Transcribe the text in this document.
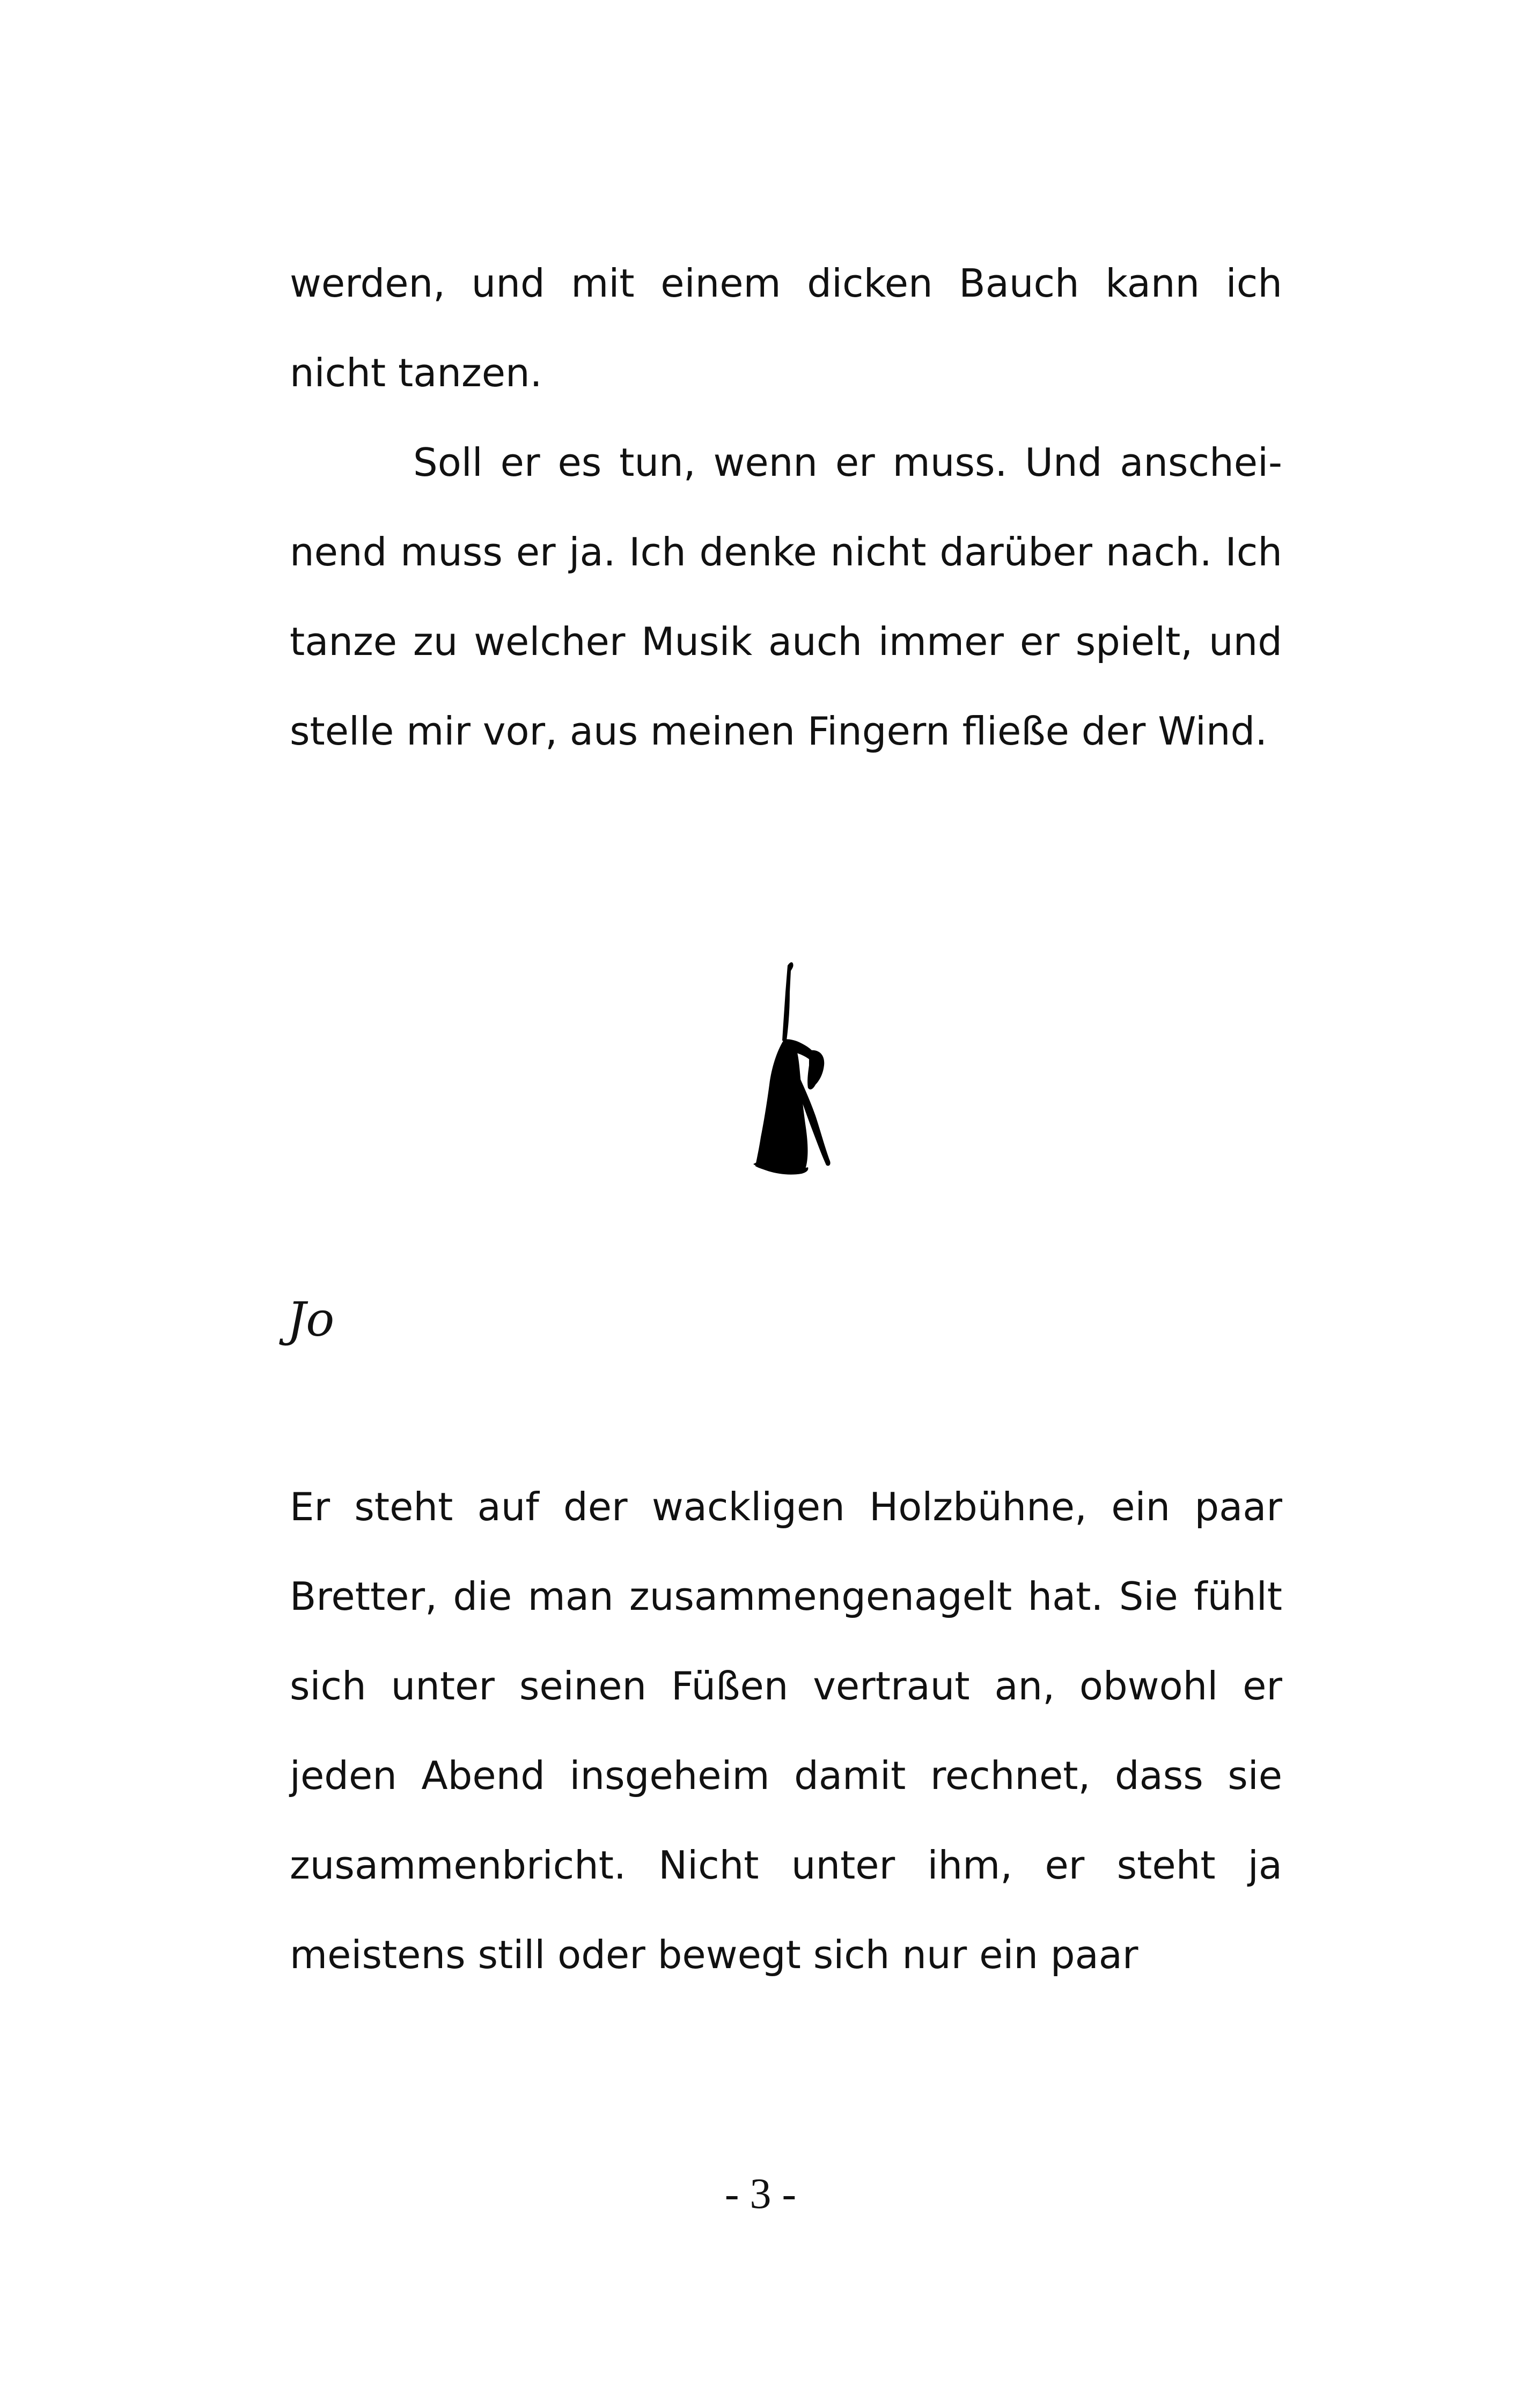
werden, und mit einem dicken Bauch kann ich nicht tanzen.

Soll er es tun, wenn er muss. Und anscheinend muss er ja. Ich denke nicht darüber nach. Ich tanze zu welcher Musik auch immer er spielt, und stelle mir vor, aus meinen Fingern fließe der Wind.

Jo

Er steht auf der wackligen Holzbühne, ein paar Bretter, die man zusammengenagelt hat. Sie fühlt sich unter seinen Füßen vertraut an, obwohl er jeden Abend insgeheim damit rechnet, dass sie zusammenbricht. Nicht unter ihm, er steht ja meistens still oder bewegt sich nur ein paar

- 3 -
